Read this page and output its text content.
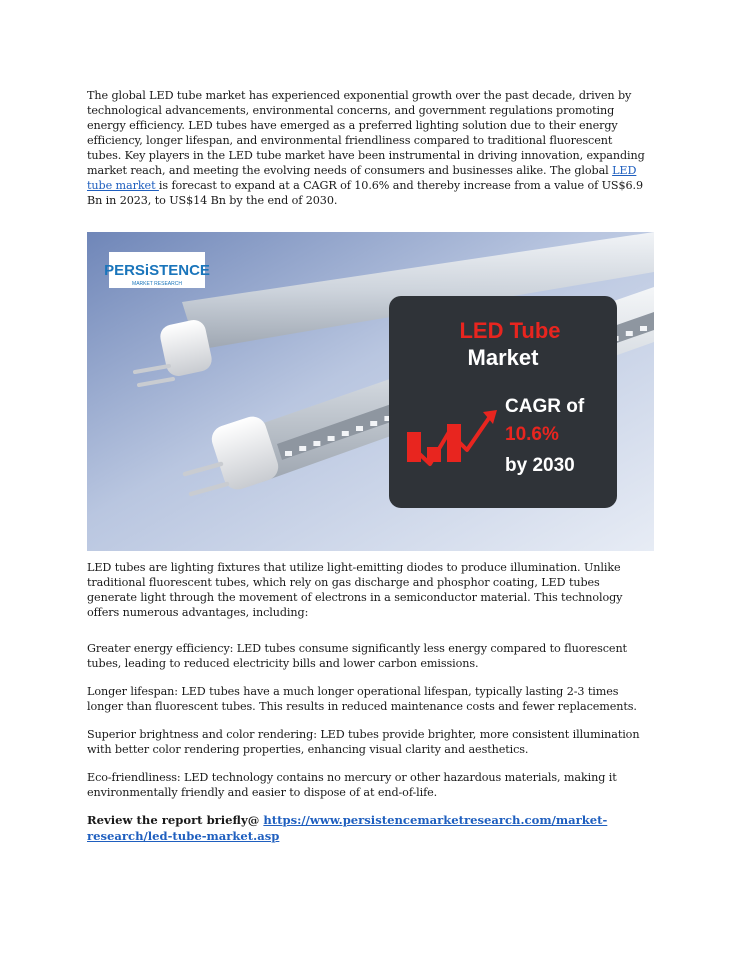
The global LED tube market has experienced exponential growth over the past decade, driven by
technological advancements, environmental concerns, and government regulations promoting
energy efficiency. LED tubes have emerged as a preferred lighting solution due to their energy
efficiency, longer lifespan, and environmental friendliness compared to traditional fluorescent
tubes. Key players in the LED tube market have been instrumental in driving innovation, expanding
market reach, and meeting the evolving needs of consumers and businesses alike. The global LED
tube market is forecast to expand at a CAGR of 10.6% and thereby increase from a value of US$6.9
Bn in 2023, to US$14 Bn by the end of 2030.
PERSiSTENCE
MARKET RESEARCH
LED Tube
Market
CAGR of
10.6%
by 2030
LED tubes are lighting fixtures that utilize light-emitting diodes to produce illumination. Unlike
traditional fluorescent tubes, which rely on gas discharge and phosphor coating, LED tubes
generate light through the movement of electrons in a semiconductor material. This technology
offers numerous advantages, including:
Greater energy efficiency: LED tubes consume significantly less energy compared to fluorescent
tubes, leading to reduced electricity bills and lower carbon emissions.
Longer lifespan: LED tubes have a much longer operational lifespan, typically lasting 2-3 times
longer than fluorescent tubes. This results in reduced maintenance costs and fewer replacements.
Superior brightness and color rendering: LED tubes provide brighter, more consistent illumination
with better color rendering properties, enhancing visual clarity and aesthetics.
Eco-friendliness: LED technology contains no mercury or other hazardous materials, making it
environmentally friendly and easier to dispose of at end-of-life.
Review the report briefly@ https://www.persistencemarketresearch.com/market-
research/led-tube-market.asp
